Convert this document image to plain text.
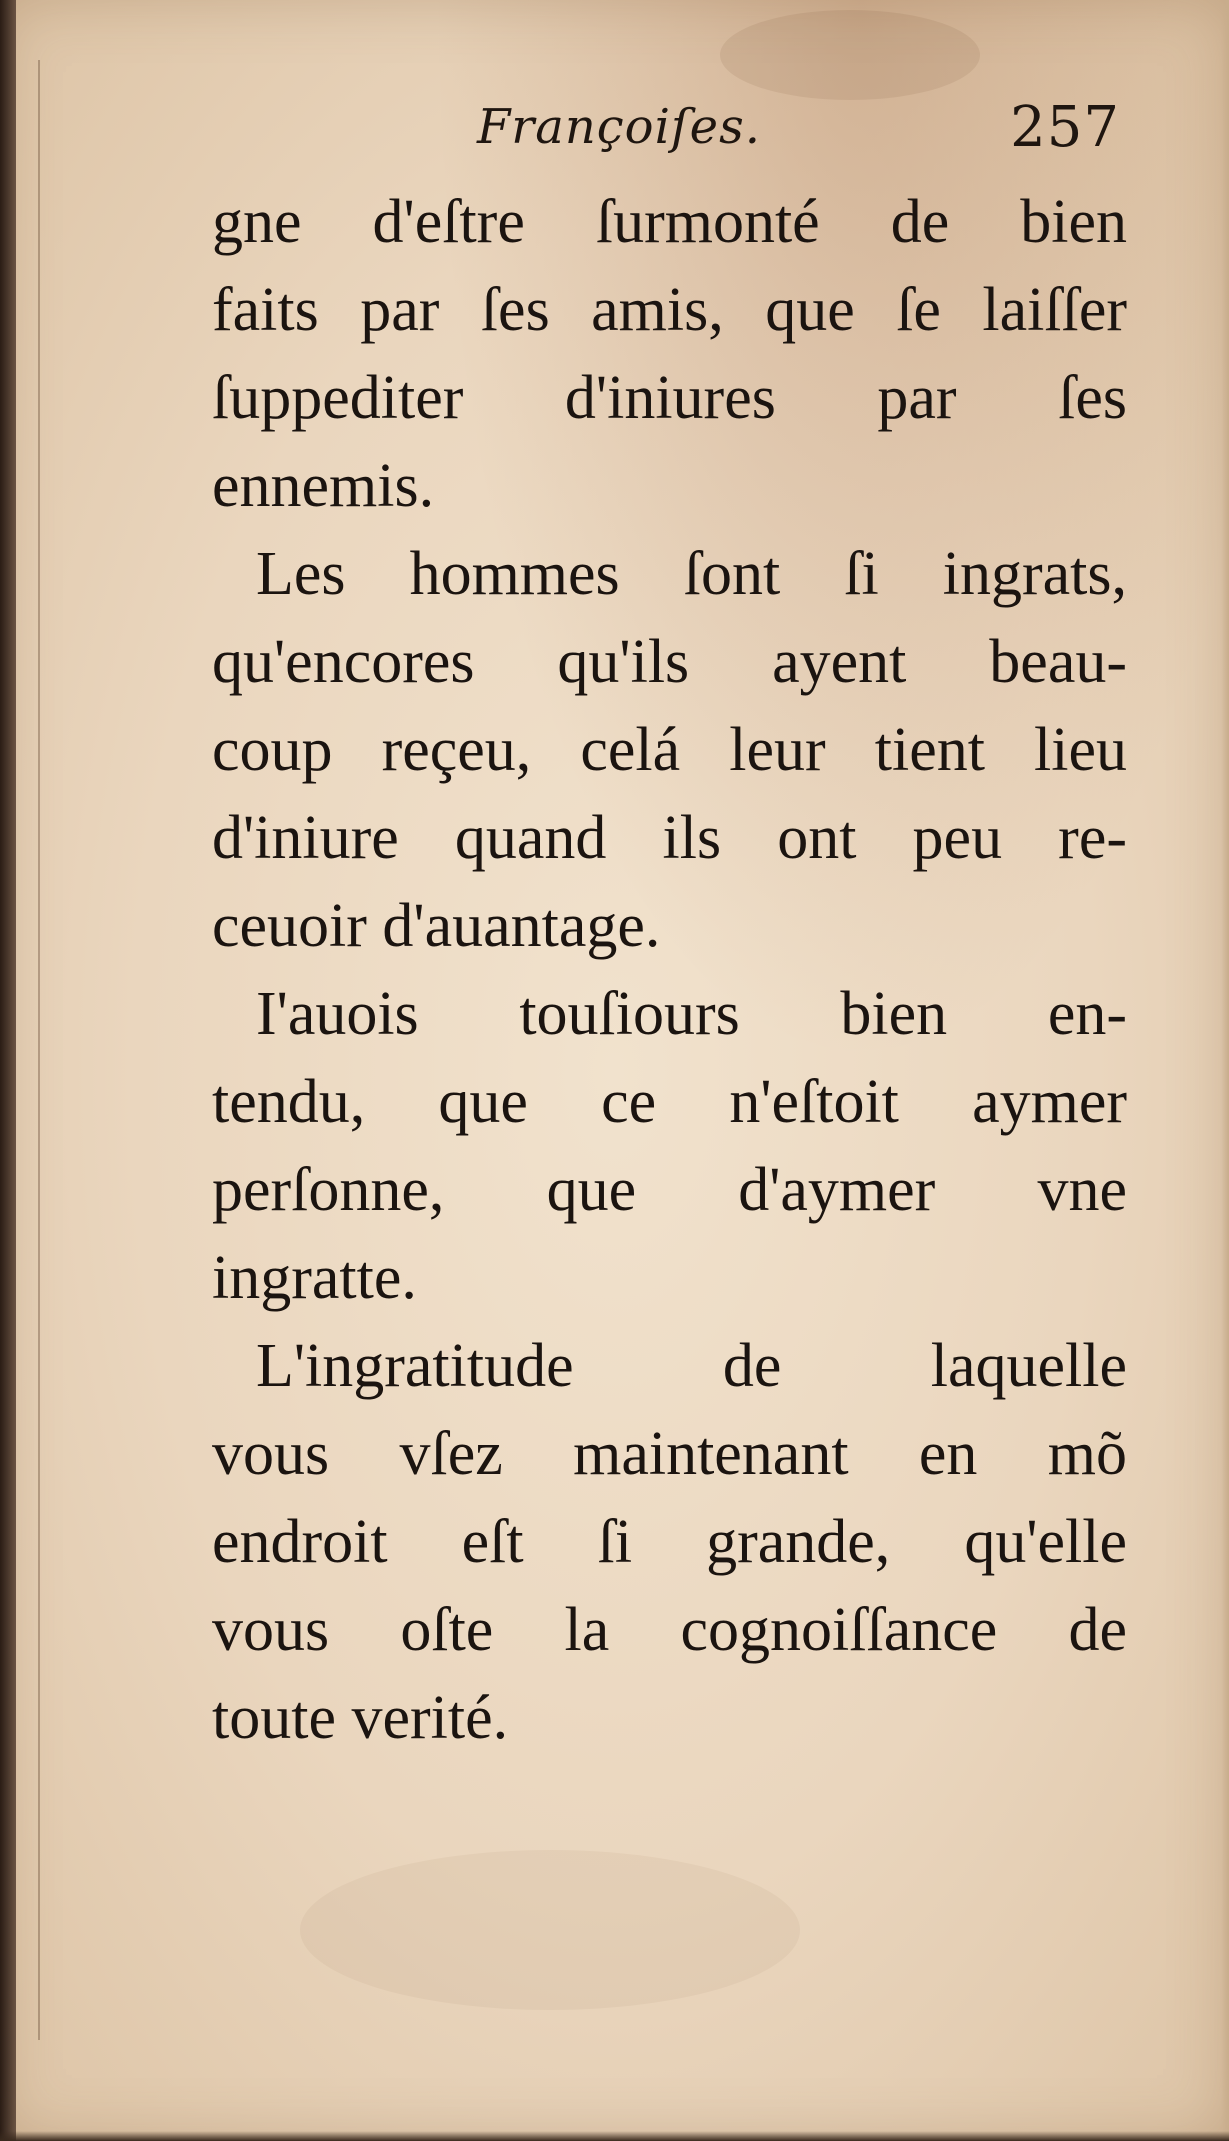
Françoiſes.	257
gne d'eſtre ſurmonté de bien
faits par ſes amis, que ſe laiſſer
ſuppediter d'iniures par ſes
ennemis.
Les hommes ſont ſi ingrats,
qu'encores qu'ils ayent beau-
coup reçeu, celá leur tient lieu
d'iniure quand ils ont peu re-
ceuoir d'auantage.
I'auois touſiours bien en-
tendu, que ce n'eſtoit aymer
perſonne, que d'aymer vne
ingratte.
L'ingratitude de laquelle
vous vſez maintenant en mõ
endroit eſt ſi grande, qu'elle
vous oſte la cognoiſſance de
toute verité.
